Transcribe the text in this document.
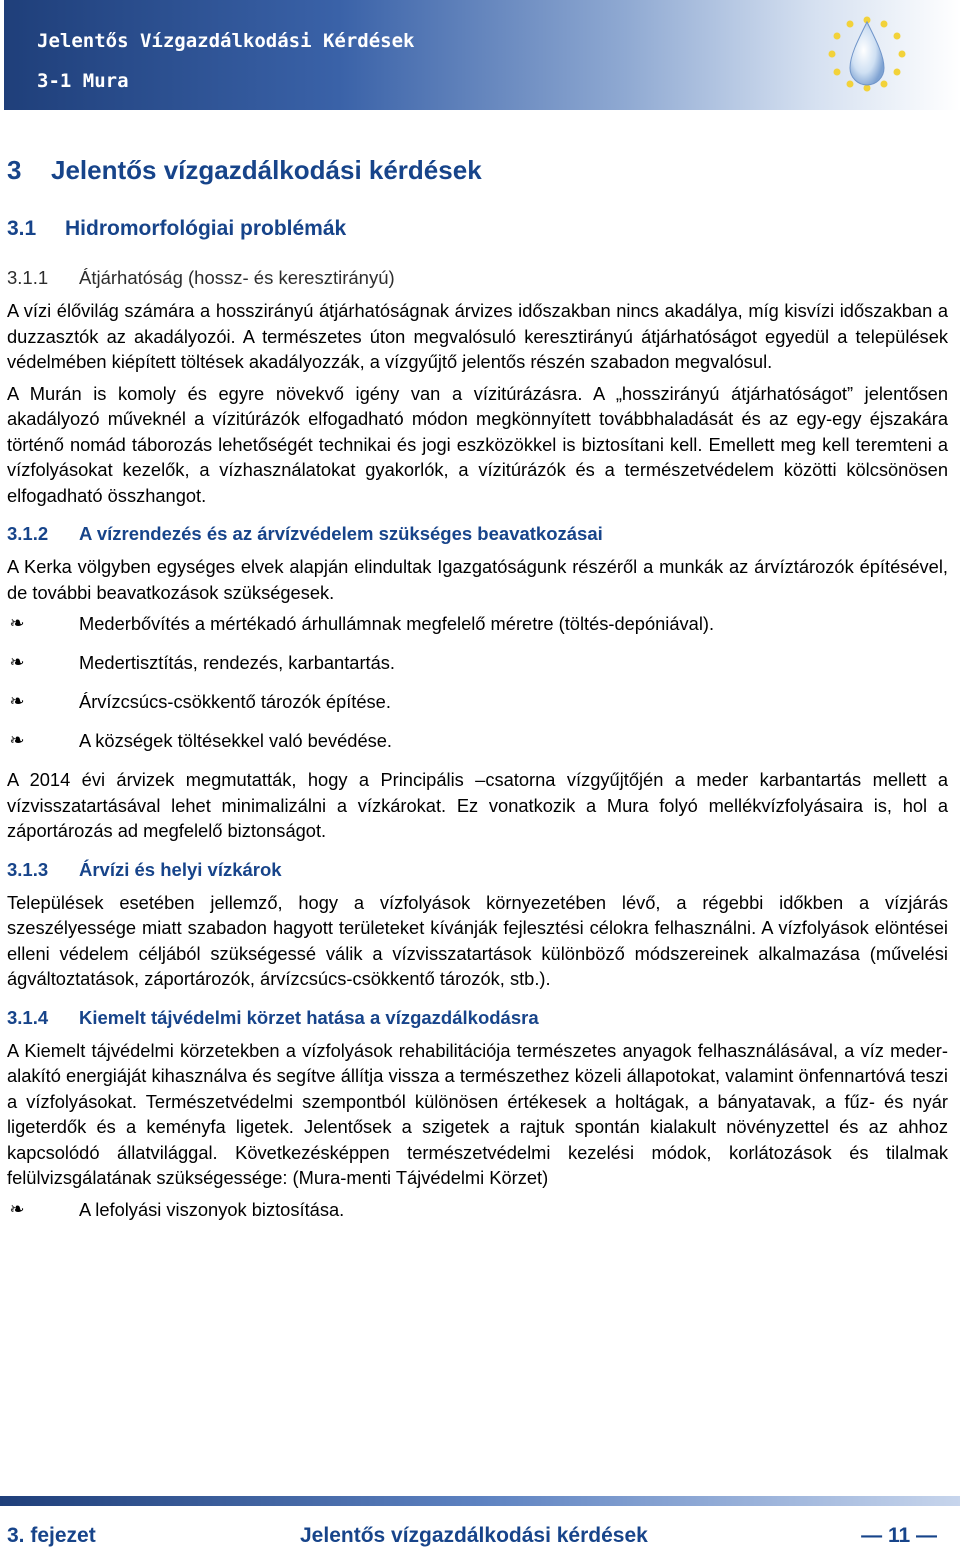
Jelentős Vízgazdálkodási Kérdések
3-1 Mura
3 Jelentős vízgazdálkodási kérdések
3.1 Hidromorfológiai problémák
3.1.1 Átjárhatóság (hossz- és keresztirányú)

A vízi élővilág számára a hosszirányú átjárhatóságnak árvizes időszakban nincs akadálya, míg kisvízi időszakban a duzzasztók az akadályozói. A természetes úton megvalósuló keresztirányú átjárhatóságot egyedül a települések védelmében kiépített töltések akadályozzák, a vízgyűjtő jelentős részén szabadon megvalósul.

A Murán is komoly és egyre növekvő igény van a vízitúrázásra. A „hosszirányú átjárhatóságot” jelentősen akadályozó műveknél a vízitúrázók elfogadható módon megkönnyített továbbhaladását és az egy-egy éjszakára történő nomád táborozás lehetőségét technikai és jogi eszközökkel is biztosítani kell. Emellett meg kell teremteni a vízfolyásokat kezelők, a vízhasználatokat gyakorlók, a vízitúrázók és a természetvédelem közötti kölcsönösen elfogadható összhangot.

3.1.2 A vízrendezés és az árvízvédelem szükséges beavatkozásai

A Kerka völgyben egységes elvek alapján elindultak Igazgatóságunk részéről a munkák az árvíztározók építésével, de további beavatkozások szükségesek.

❧	Mederbővítés a mértékadó árhullámnak megfelelő méretre (töltés-depóniával).
❧	Medertisztítás, rendezés, karbantartás.
❧	Árvízcsúcs-csökkentő tározók építése.
❧	A községek töltésekkel való bevédése.

A 2014 évi árvizek megmutatták, hogy a Principális –csatorna vízgyűjtőjén a meder karbantartás mellett a vízvisszatartásával lehet minimalizálni a vízkárokat. Ez vonatkozik a Mura folyó mellékvízfolyásaira is, hol a záportározás ad megfelelő biztonságot.

3.1.3 Árvízi és helyi vízkárok

Települések esetében jellemző, hogy a vízfolyások környezetében lévő, a régebbi időkben a vízjárás szeszélyessége miatt szabadon hagyott területeket kívánják fejlesztési célokra felhasználni. A vízfolyások elöntései elleni védelem céljából szükségessé válik a vízvisszatartások különböző módszereinek alkalmazása (művelési ágváltoztatások, záportározók, árvízcsúcs-csökkentő tározók, stb.).

3.1.4 Kiemelt tájvédelmi körzet hatása a vízgazdálkodásra

A Kiemelt tájvédelmi körzetekben a vízfolyások rehabilitációja természetes anyagok felhasználásával, a víz meder-alakító energiáját kihasználva és segítve állítja vissza a természethez közeli állapotokat, valamint önfennartóvá teszi a vízfolyásokat. Természetvédelmi szempontból különösen értékesek a holtágak, a bányatavak, a fűz- és nyár ligeterdők és a keményfa ligetek. Jelentősek a szigetek a rajtuk spontán kialakult növényzettel és az ahhoz kapcsolódó állatvilággal. Következésképpen természetvédelmi kezelési módok, korlátozások és tilalmak felülvizsgálatának szükségessége: (Mura-menti Tájvédelmi Körzet)

❧	A lefolyási viszonyok biztosítása.
3. fejezet	Jelentős vízgazdálkodási kérdések	— 11 —
